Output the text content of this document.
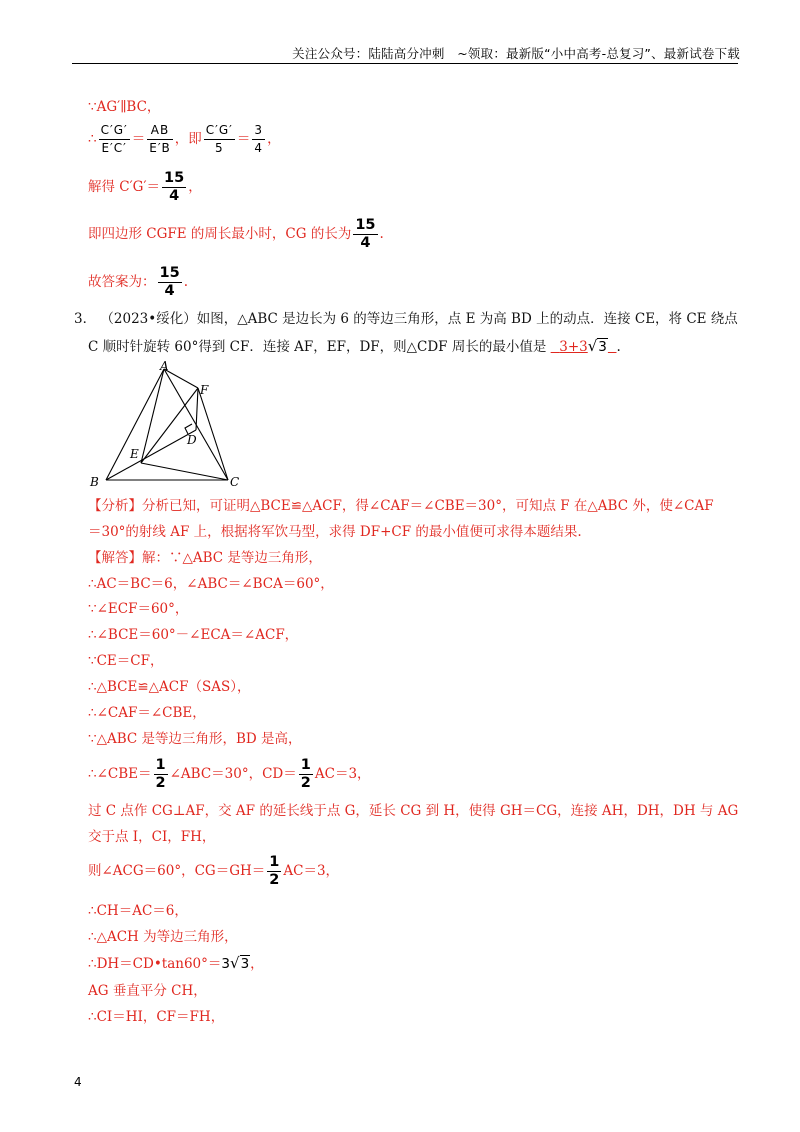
关注公众号：陆陆高分冲刺　~领取：最新版“小中高考-总复习”、最新试卷下载
∵AG′∥BC，
∴ $\frac{C'G'}{E'C'} = \frac{AB}{E'B}$ ，即 $\frac{C'G'}{5} = \frac{3}{4}$ ，
解得 $C'G'= \frac{15}{4}$ ，
即四边形 CGFE 的周长最小时，CG 的长为 $\frac{15}{4}$ .
故答案为： $\frac{15}{4}$ .
3． （2023•绥化）如图，△ABC 是边长为 6 的等边三角形，点 E 为高 BD 上的动点．连接 CE，将 CE 绕点
C 顺时针旋转 60°得到 CF．连接 AF，EF，DF，则△CDF 周长的最小值是 3+3√3 .
A
F
D
E
B	C
【分析】分析已知，可证明△BCE≌△ACF，得∠CAF＝∠CBE＝30°，可知点 F 在△ABC 外，使∠CAF
＝30°的射线 AF 上，根据将军饮马型，求得 DF+CF 的最小值便可求得本题结果.
【解答】解：∵△ABC 是等边三角形，
∴AC＝BC＝6，∠ABC＝∠BCA＝60°，
∵∠ECF＝60°，
∴∠BCE＝60°－∠ECA＝∠ACF，
∵CE＝CF，
∴△BCE≌△ACF（SAS），
∴∠CAF＝∠CBE，
∵△ABC 是等边三角形，BD 是高，
∴∠CBE＝ $\frac{1}{2}$ ∠ABC＝30°，$CD= \frac{1}{2} AC=3$，
过 C 点作 CG⊥AF，交 AF 的延长线于点 G，延长 CG 到 H，使得 GH＝CG，连接 AH，DH，DH 与 AG
交于点 I，CI，FH，
则∠ACG＝60°，$CG=GH= \frac{1}{2} AC=3$，
∴CH＝AC＝6，
∴△ACH 为等边三角形，
∴DH＝CD•tan60°＝3√3，
AG 垂直平分 CH，
∴CI＝HI，CF＝FH，
4
